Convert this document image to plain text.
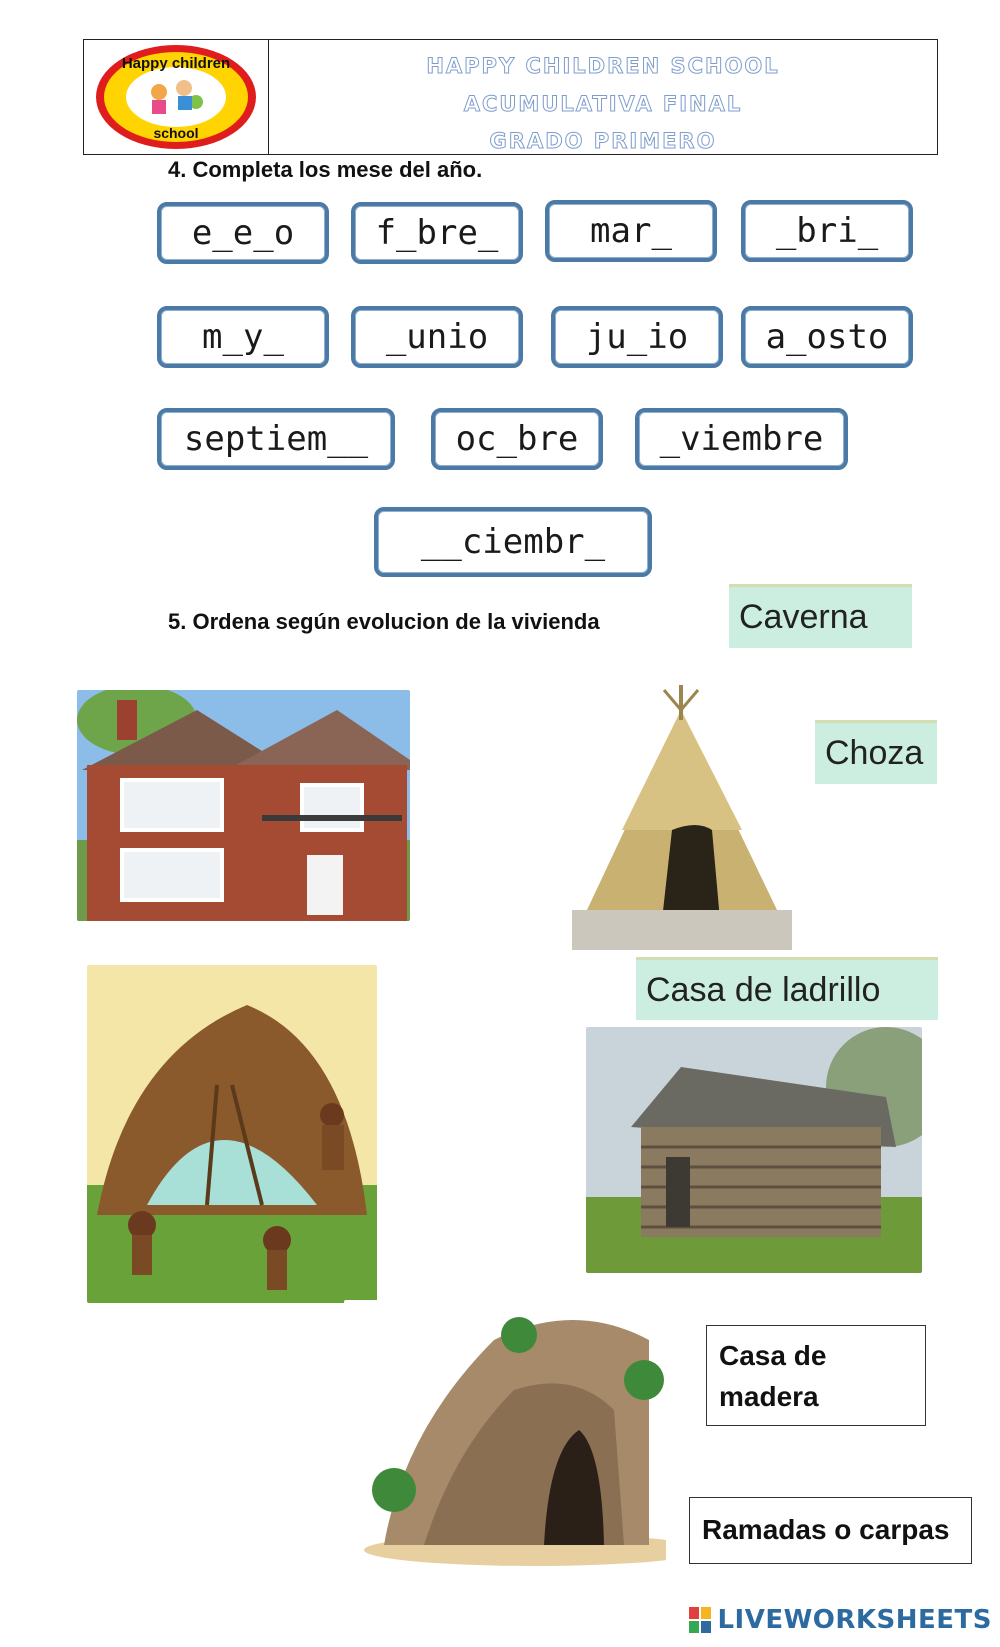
Happy children
school
HAPPY CHILDREN SCHOOL
ACUMULATIVA FINAL
GRADO PRIMERO
4. Completa los mese del año.
e_e_o f_bre_	mar_	_bri_
m_y_	_unio	ju_io a_osto
septiem__	oc_bre _viembre
__ciembr_
5. Ordena según evolucion de la vivienda	Caverna
Choza
Casa de ladrillo
Casa de
madera
Ramadas o carpas
LIVEWORKSHEETS
